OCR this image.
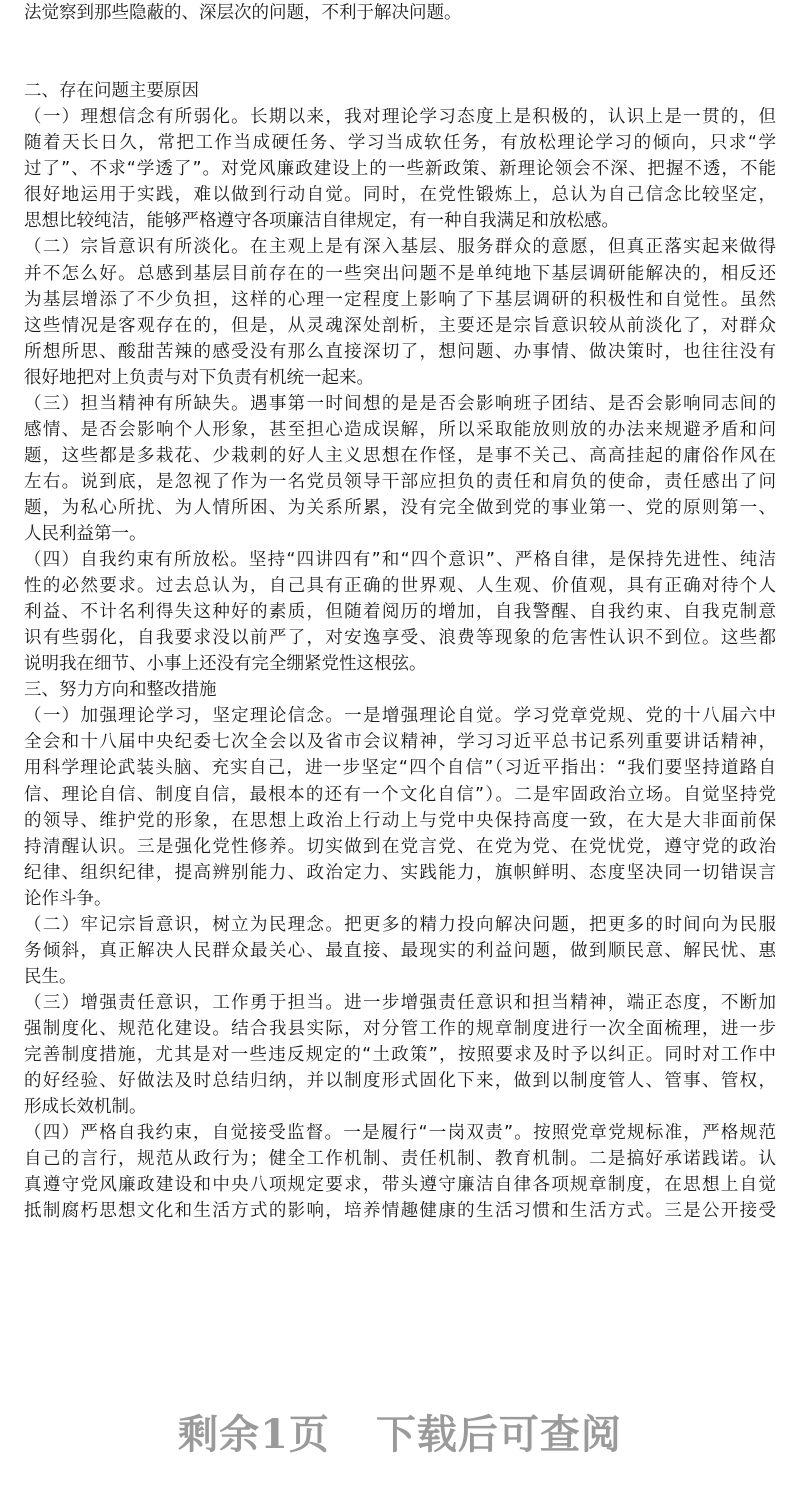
法觉察到那些隐蔽的、深层次的问题，不利于解决问题。
二、存在问题主要原因
（一）理想信念有所弱化。长期以来，我对理论学习态度上是积极的，认识上是一贯的，但
随着天长日久，常把工作当成硬任务、学习当成软任务，有放松理论学习的倾向，只求“学
过了”、不求“学透了”。对党风廉政建设上的一些新政策、新理论领会不深、把握不透，不能
很好地运用于实践，难以做到行动自觉。同时，在党性锻炼上，总认为自己信念比较坚定，
思想比较纯洁，能够严格遵守各项廉洁自律规定，有一种自我满足和放松感。
（二）宗旨意识有所淡化。在主观上是有深入基层、服务群众的意愿，但真正落实起来做得
并不怎么好。总感到基层目前存在的一些突出问题不是单纯地下基层调研能解决的，相反还
为基层增添了不少负担，这样的心理一定程度上影响了下基层调研的积极性和自觉性。虽然
这些情况是客观存在的，但是，从灵魂深处剖析，主要还是宗旨意识较从前淡化了，对群众
所想所思、酸甜苦辣的感受没有那么直接深切了，想问题、办事情、做决策时，也往往没有
很好地把对上负责与对下负责有机统一起来。
（三）担当精神有所缺失。遇事第一时间想的是是否会影响班子团结、是否会影响同志间的
感情、是否会影响个人形象，甚至担心造成误解，所以采取能放则放的办法来规避矛盾和问
题，这些都是多栽花、少栽刺的好人主义思想在作怪，是事不关己、高高挂起的庸俗作风在
左右。说到底，是忽视了作为一名党员领导干部应担负的责任和肩负的使命，责任感出了问
题，为私心所扰、为人情所困、为关系所累，没有完全做到党的事业第一、党的原则第一、
人民利益第一。
（四）自我约束有所放松。坚持“四讲四有”和“四个意识”、严格自律，是保持先进性、纯洁
性的必然要求。过去总认为，自己具有正确的世界观、人生观、价值观，具有正确对待个人
利益、不计名利得失这种好的素质，但随着阅历的增加，自我警醒、自我约束、自我克制意
识有些弱化，自我要求没以前严了，对安逸享受、浪费等现象的危害性认识不到位。这些都
说明我在细节、小事上还没有完全绷紧党性这根弦。
三、努力方向和整改措施
（一）加强理论学习，坚定理论信念。一是增强理论自觉。学习党章党规、党的十八届六中
全会和十八届中央纪委七次全会以及省市会议精神，学习习近平总书记系列重要讲话精神，
用科学理论武装头脑、充实自己，进一步坚定“四个自信”（习近平指出：“我们要坚持道路自
信、理论自信、制度自信，最根本的还有一个文化自信”）。二是牢固政治立场。自觉坚持党
的领导、维护党的形象，在思想上政治上行动上与党中央保持高度一致，在大是大非面前保
持清醒认识。三是强化党性修养。切实做到在党言党、在党为党、在党忧党，遵守党的政治
纪律、组织纪律，提高辨别能力、政治定力、实践能力，旗帜鲜明、态度坚决同一切错误言
论作斗争。
（二）牢记宗旨意识，树立为民理念。把更多的精力投向解决问题，把更多的时间向为民服
务倾斜，真正解决人民群众最关心、最直接、最现实的利益问题，做到顺民意、解民忧、惠
民生。
（三）增强责任意识，工作勇于担当。进一步增强责任意识和担当精神，端正态度，不断加
强制度化、规范化建设。结合我县实际，对分管工作的规章制度进行一次全面梳理，进一步
完善制度措施，尤其是对一些违反规定的“土政策”，按照要求及时予以纠正。同时对工作中
的好经验、好做法及时总结归纳，并以制度形式固化下来，做到以制度管人、管事、管权，
形成长效机制。
（四）严格自我约束，自觉接受监督。一是履行“一岗双责”。按照党章党规标准，严格规范
自己的言行，规范从政行为；健全工作机制、责任机制、教育机制。二是搞好承诺践诺。认
真遵守党风廉政建设和中央八项规定要求，带头遵守廉洁自律各项规章制度，在思想上自觉
抵制腐朽思想文化和生活方式的影响，培养情趣健康的生活习惯和生活方式。三是公开接受
剩余1页 下载后可查阅
